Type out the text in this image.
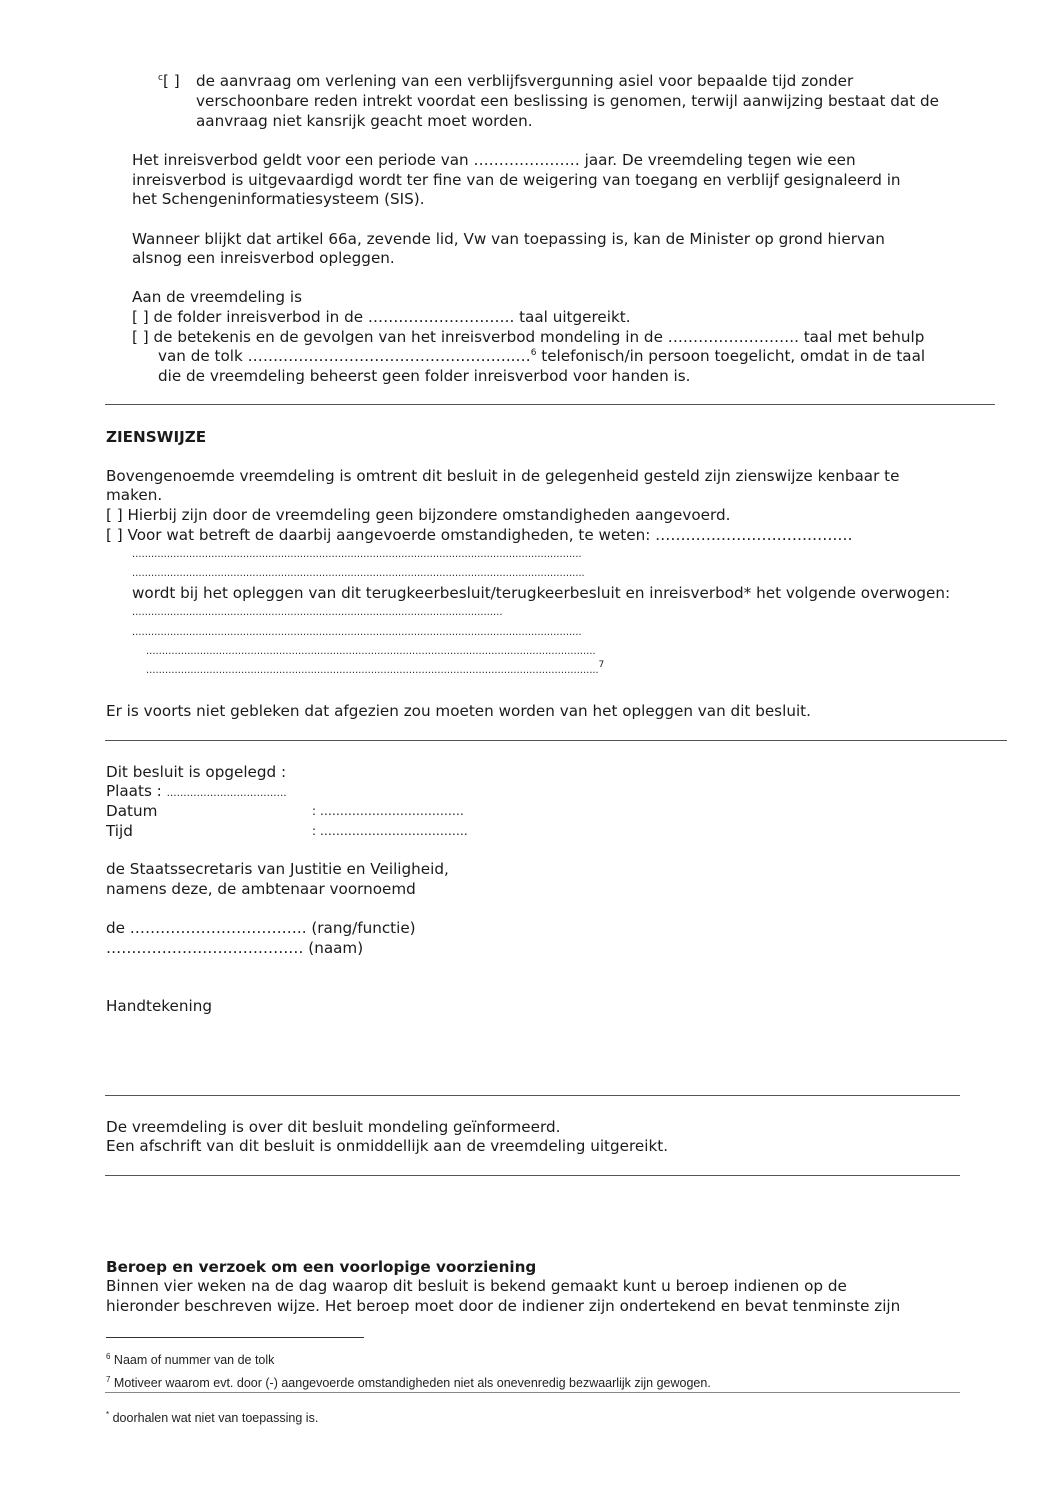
$^c$[ ] de aanvraag om verlening van een verblijfsvergunning asiel voor bepaalde tijd zonder
verschoonbare reden intrekt voordat een beslissing is genomen, terwijl aanwijzing bestaat dat de
aanvraag niet kansrijk geacht moet worden.
Het inreisverbod geldt voor een periode van ………………… jaar. De vreemdeling tegen wie een
inreisverbod is uitgevaardigd wordt ter fine van de weigering van toegang en verblijf gesignaleerd in
het Schengeninformatiesysteem (SIS).
Wanneer blijkt dat artikel 66a, zevende lid, Vw van toepassing is, kan de Minister op grond hiervan
alsnog een inreisverbod opleggen.
Aan de vreemdeling is
[ ] de folder inreisverbod in de ……………………….. taal uitgereikt.
[ ] de betekenis en de gevolgen van het inreisverbod mondeling in de …………………….. taal met behulp
van de tolk ……………………………………………..…$^6$ telefonisch/in persoon toegelicht, omdat in de taal
die de vreemdeling beheerst geen folder inreisverbod voor handen is.
ZIENSWIJZE
Bovengenoemde vreemdeling is omtrent dit besluit in de gelegenheid gesteld zijn zienswijze kenbaar te
maken.
[ ] Hierbij zijn door de vreemdeling geen bijzondere omstandigheden aangevoerd.
[ ] Voor wat betreft de daarbij aangevoerde omstandigheden, te weten: …………………………………
…………………………………………………………………………………………………………………………….
……………………………………………………………………………………………………………………………..
wordt bij het opleggen van dit terugkeerbesluit/terugkeerbesluit en inreisverbod* het volgende overwogen:
………………………………………………………………………………………………………
…………………………………………………………………………………………………………………………….
…………………………………………………………………………………………………………………………….
……………………………………………………………………………………………………………………………..$^7$
Er is voorts niet gebleken dat afgezien zou moeten worden van het opleggen van dit besluit.
Dit besluit is opgelegd :
Plaats : ………………………………
Datum	: ………………………………
Tijd	: ……………………………….
de Staatssecretaris van Justitie en Veiligheid,
namens deze, de ambtenaar voornoemd
de …………………………….. (rang/functie)
………………………………… (naam)
Handtekening
De vreemdeling is over dit besluit mondeling geïnformeerd.
Een afschrift van dit besluit is onmiddellijk aan de vreemdeling uitgereikt.
Beroep en verzoek om een voorlopige voorziening
Binnen vier weken na de dag waarop dit besluit is bekend gemaakt kunt u beroep indienen op de
hieronder beschreven wijze. Het beroep moet door de indiener zijn ondertekend en bevat tenminste zijn
$^6$ Naam of nummer van de tolk
$^7$ Motiveer waarom evt. door (-) aangevoerde omstandigheden niet als onevenredig bezwaarlijk zijn gewogen.
* doorhalen wat niet van toepassing is.
